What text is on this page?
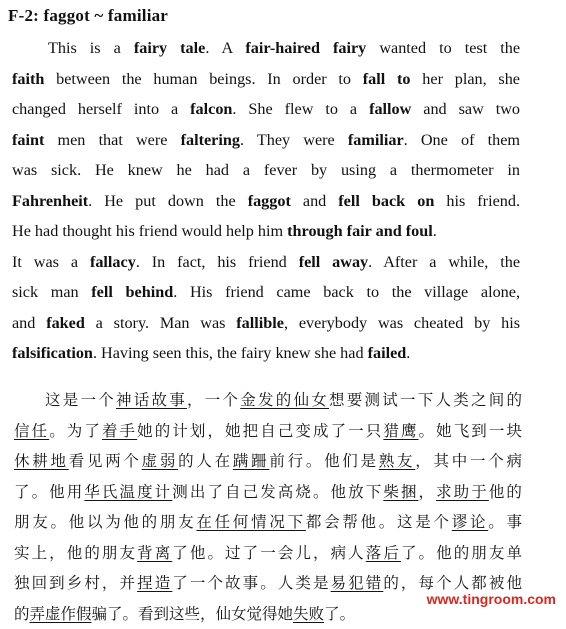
F-2: faggot ~ familiar
This is a fairy tale. A fair-haired fairy wanted to test the
faith between the human beings. In order to fall to her plan, she
changed herself into a falcon. She flew to a fallow and saw two
faint men that were faltering. They were familiar. One of them
was sick. He knew he had a fever by using a thermometer in
Fahrenheit. He put down the faggot and fell back on his friend.
He had thought his friend would help him through fair and foul.
It was a fallacy. In fact, his friend fell away. After a while, the
sick man fell behind. His friend came back to the village alone,
and faked a story. Man was fallible, everybody was cheated by his
falsification. Having seen this, the fairy knew she had failed.
这是一个神话故事，一个金发的仙女想要测试一下人类之间的
信任。为了着手她的计划，她把自己变成了一只猎鹰。她飞到一块
休耕地看见两个虚弱的人在蹒跚前行。他们是熟友，其中一个病
了。他用华氏温度计测出了自己发高烧。他放下柴捆，求助于他的
朋友。他以为他的朋友在任何情况下都会帮他。这是个谬论。事
实上，他的朋友背离了他。过了一会儿，病人落后了。他的朋友单
独回到乡村，并捏造了一个故事。人类是易犯错的，每个人都被他
的弄虚作假骗了。看到这些，仙女觉得她失败了。
www.tingroom.com
